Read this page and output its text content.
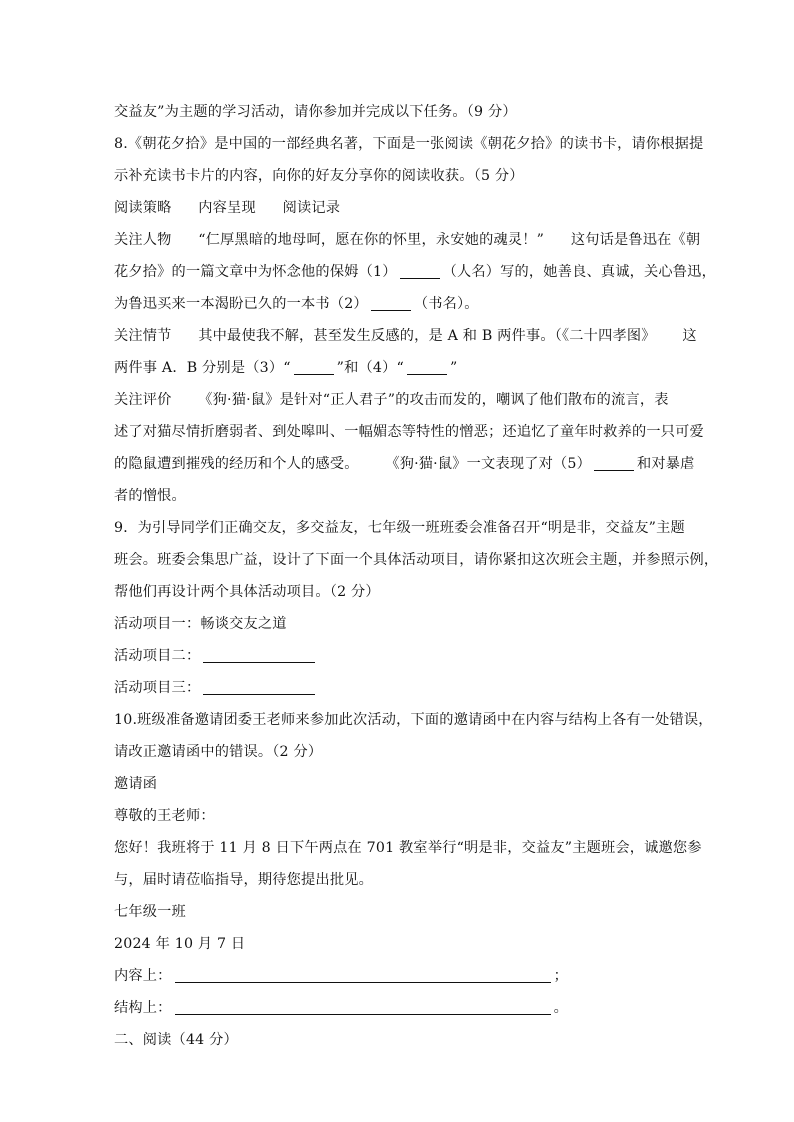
交益友”为主题的学习活动，请你参加并完成以下任务。（9 分）
8.《朝花夕拾》是中国的一部经典名著，下面是一张阅读《朝花夕拾》的读书卡，请你根据提
示补充读书卡片的内容，向你的好友分享你的阅读收获。（5 分）
阅读策略 内容呈现 阅读记录
关注人物 “仁厚黑暗的地母呵，愿在你的怀里，永安她的魂灵！” 这句话是鲁迅在《朝
花夕拾》的一篇文章中为怀念他的保姆（1）	（人名）写的，她善良、真诚，关心鲁迅，
为鲁迅买来一本渴盼已久的一本书（2）	（书名）。
关注情节 其中最使我不解，甚至发生反感的，是 A 和 B 两件事。（《二十四孝图》 这
两件事 A．B 分别是（3）“	”和（4）“	”
关注评价 《狗·猫·鼠》是针对“正人君子”的攻击而发的，嘲讽了他们散布的流言，表
述了对猫尽情折磨弱者、到处嗥叫、一幅媚态等特性的憎恶；还追忆了童年时救养的一只可爱
的隐鼠遭到摧残的经历和个人的感受。 《狗·猫·鼠》一文表现了对（5）	和对暴虐
者的憎恨。
9．为引导同学们正确交友，多交益友，七年级一班班委会准备召开“明是非，交益友”主题
班会。班委会集思广益，设计了下面一个具体活动项目，请你紧扣这次班会主题，并参照示例，
帮他们再设计两个具体活动项目。（2 分）
活动项目一：畅谈交友之道
活动项目二：
活动项目三：
10.班级准备邀请团委王老师来参加此次活动，下面的邀请函中在内容与结构上各有一处错误，
请改正邀请函中的错误。（2 分）
邀请函
尊敬的王老师：
您好！我班将于 11 月 8 日下午两点在 701 教室举行“明是非，交益友”主题班会，诚邀您参
与，届时请莅临指导，期待您提出批见。
七年级一班
2024 年 10 月 7 日
内容上：	；
结构上：	。
二、阅读（44 分）
